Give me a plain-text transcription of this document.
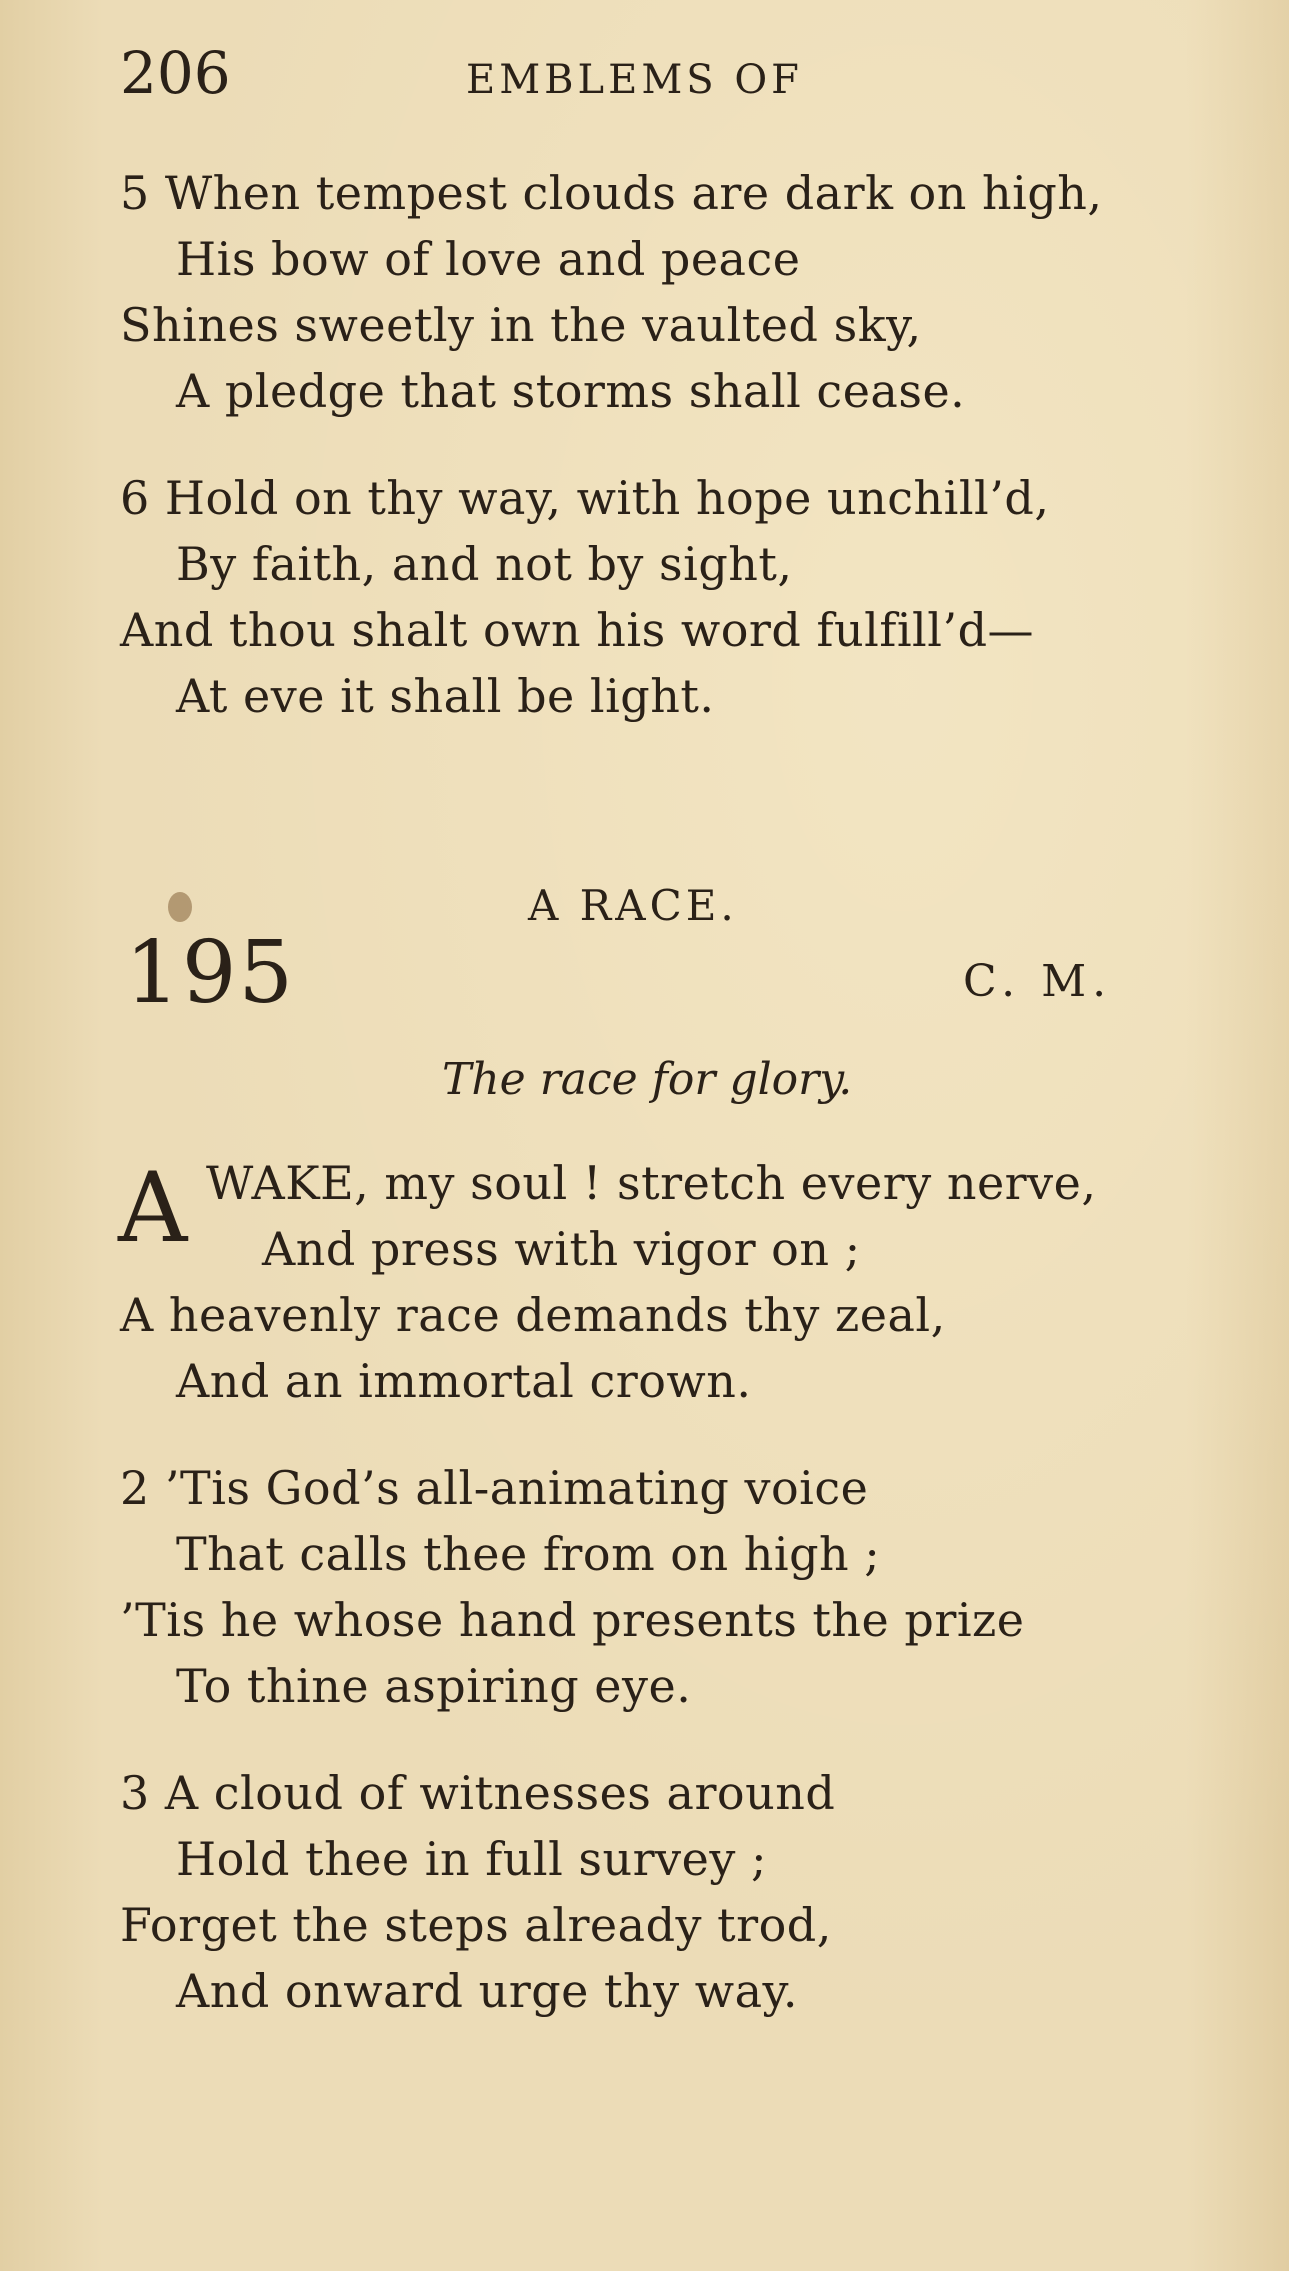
206	EMBLEMS OF
5 When tempest clouds are dark on high,
His bow of love and peace
Shines sweetly in the vaulted sky,
A pledge that storms shall cease.
6 Hold on thy way, with hope unchill’d,
By faith, and not by sight,
And thou shalt own his word fulfill’d—
At eve it shall be light.
A RACE.
195	C. M.
The race for glory.
A WAKE, my soul ! stretch every nerve,
And press with vigor on ;
A heavenly race demands thy zeal,
And an immortal crown.
2 ’Tis God’s all-animating voice
That calls thee from on high ;
’Tis he whose hand presents the prize
To thine aspiring eye.
3 A cloud of witnesses around
Hold thee in full survey ;
Forget the steps already trod,
And onward urge thy way.
